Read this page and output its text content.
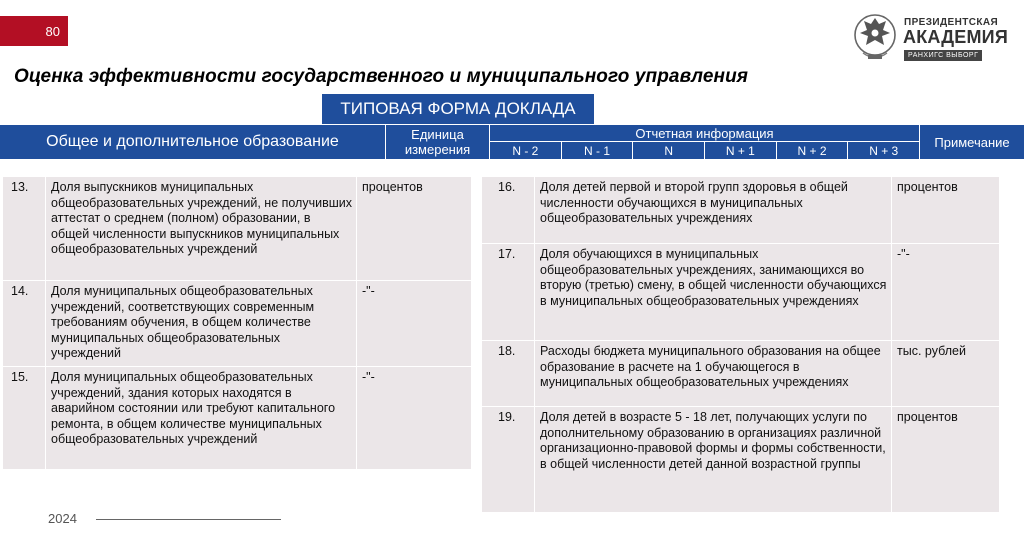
80
ПРЕЗИДЕНТСКАЯ
АКАДЕМИЯ
РАНХИГС ВЫБОРГ
Оценка эффективности государственного и муниципального управления
ТИПОВАЯ ФОРМА ДОКЛАДА
Общее и дополнительное образование	Единица
измерения
Отчетная информация
N - 2	N - 1	N	N + 1	N + 2	N + 3
Примечание
13.	Доля выпускников муниципальных общеобразовательных учреждений, не получивших аттестат о среднем (полном) образовании, в общей численности выпускников муниципальных общеобразовательных учреждений
процентов
14.	Доля муниципальных общеобразовательных учреждений, соответствующих современным требованиям обучения, в общем количестве муниципальных общеобразовательных учреждений
-"-
15.	Доля муниципальных общеобразовательных учреждений, здания которых находятся в аварийном состоянии или требуют капитального ремонта, в общем количестве муниципальных общеобразовательных учреждений
-"-
16.	Доля детей первой и второй групп здоровья в общей численности обучающихся в муниципальных общеобразовательных учреждениях
процентов
17.	Доля обучающихся в муниципальных общеобразовательных учреждениях, занимающихся во вторую (третью) смену, в общей численности обучающихся в муниципальных общеобразовательных учреждениях
-"-
18.	Расходы бюджета муниципального образования на общее образование в расчете на 1 обучающегося в муниципальных общеобразовательных учреждениях
тыс. рублей
19.	Доля детей в возрасте 5 - 18 лет, получающих услуги по дополнительному образованию в организациях различной организационно-правовой формы и формы собственности, в общей численности детей данной возрастной группы
процентов
2024
